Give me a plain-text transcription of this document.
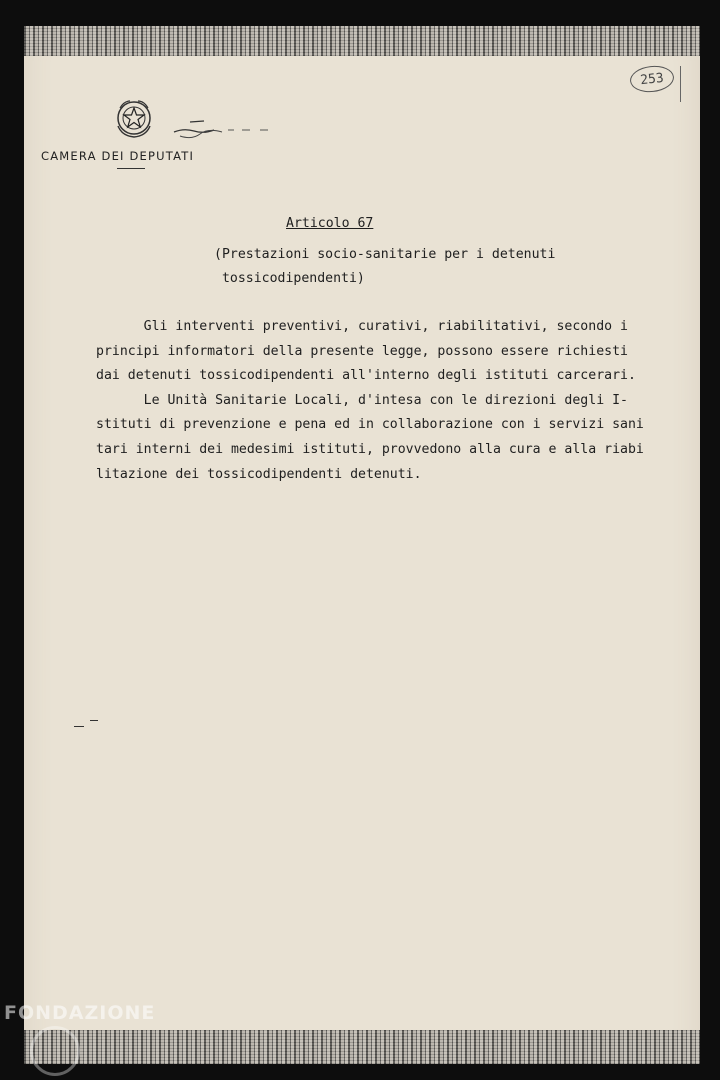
CAMERA DEI DEPUTATI
253
Articolo 67
(Prestazioni socio-sanitarie per i detenuti
tossicodipendenti)
Gli interventi preventivi, curativi, riabilitativi, secondo i
principi informatori della presente legge, possono essere richiesti
dai detenuti tossicodipendenti all'interno degli istituti carcerari.
Le Unità Sanitarie Locali, d'intesa con le direzioni degli I-
stituti di prevenzione e pena ed in collaborazione con i servizi sani
tari interni dei medesimi istituti, provvedono alla cura e alla riabi
litazione dei tossicodipendenti detenuti.
FONDAZIONE
